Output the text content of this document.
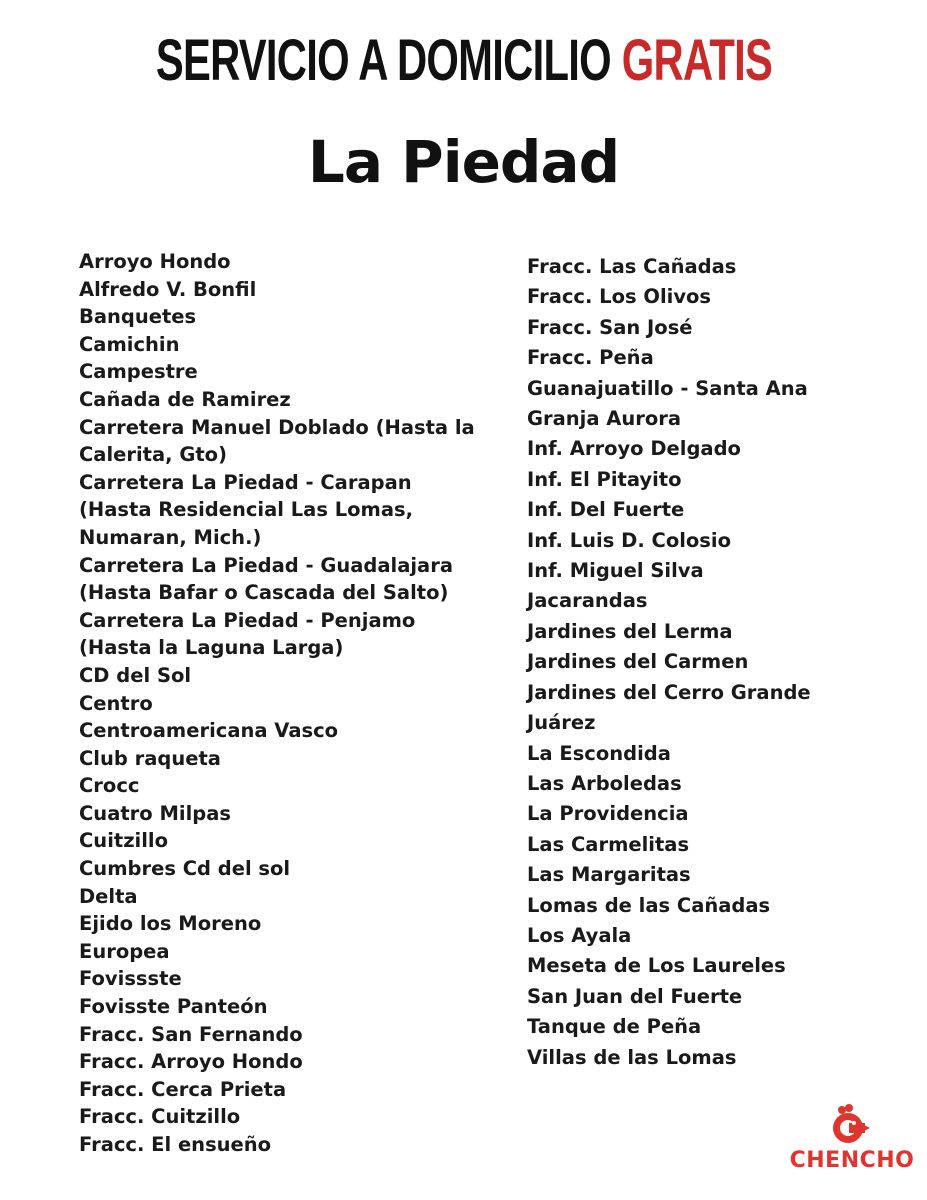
SERVICIO A DOMICILIO GRATIS
La Piedad
Arroyo Hondo
Alfredo V. Bonfil
Banquetes
Camichin
Campestre
Cañada de Ramirez
Carretera Manuel Doblado (Hasta la
Calerita, Gto)
Carretera La Piedad - Carapan
(Hasta Residencial Las Lomas,
Numaran, Mich.)
Carretera La Piedad - Guadalajara
(Hasta Bafar o Cascada del Salto)
Carretera La Piedad - Penjamo
(Hasta la Laguna Larga)
CD del Sol
Centro
Centroamericana Vasco
Club raqueta
Crocc
Cuatro Milpas
Cuitzillo
Cumbres Cd del sol
Delta
Ejido los Moreno
Europea
Fovissste
Fovisste Panteón
Fracc. San Fernando
Fracc. Arroyo Hondo
Fracc. Cerca Prieta
Fracc. Cuitzillo
Fracc. El ensueño
Fracc. Las Cañadas
Fracc. Los Olivos
Fracc. San José
Fracc. Peña
Guanajuatillo - Santa Ana
Granja Aurora
Inf. Arroyo Delgado
Inf. El Pitayito
Inf. Del Fuerte
Inf. Luis D. Colosio
Inf. Miguel Silva
Jacarandas
Jardines del Lerma
Jardines del Carmen
Jardines del Cerro Grande
Juárez
La Escondida
Las Arboledas
La Providencia
Las Carmelitas
Las Margaritas
Lomas de las Cañadas
Los Ayala
Meseta de Los Laureles
San Juan del Fuerte
Tanque de Peña
Villas de las Lomas
CHENCHO
